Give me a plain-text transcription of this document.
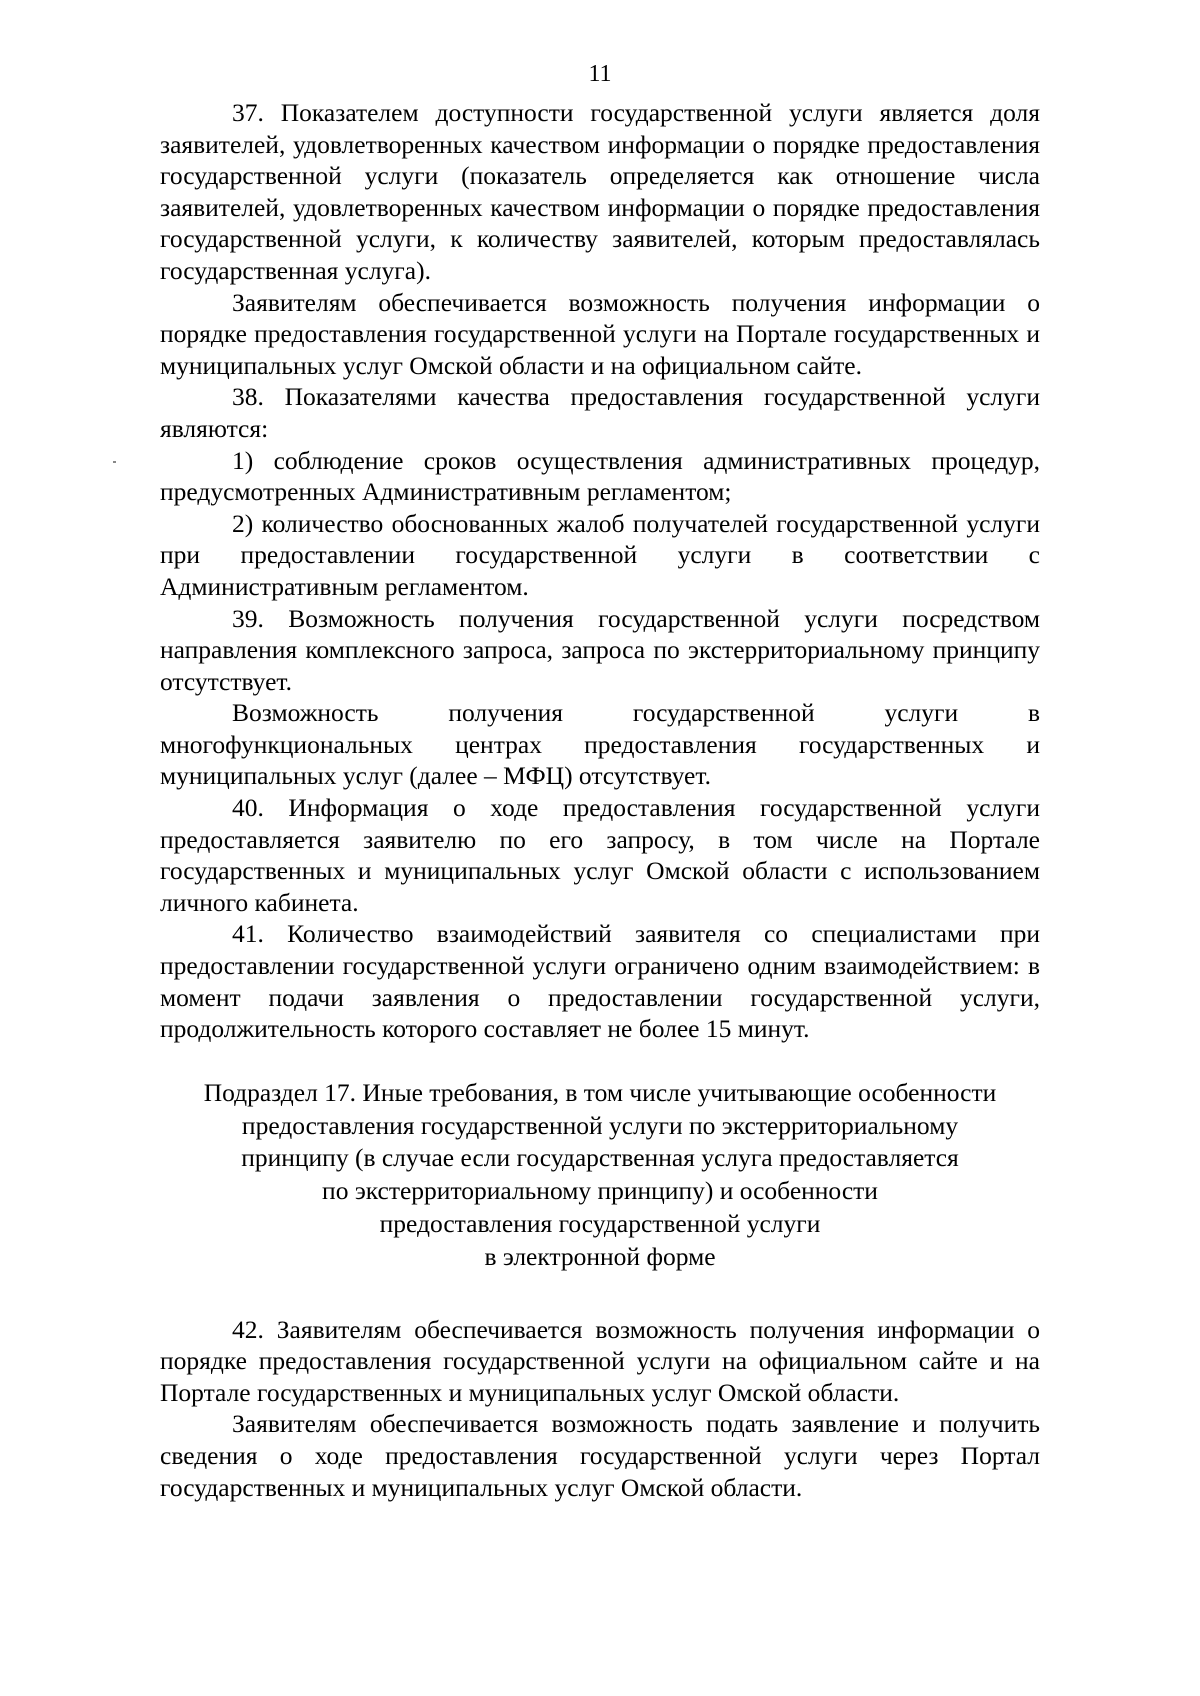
11

37. Показателем доступности государственной услуги является доля заявителей, удовлетворенных качеством информации о порядке предоставления государственной услуги (показатель определяется как отношение числа заявителей, удовлетворенных качеством информации о порядке предоставления государственной услуги, к количеству заявителей, которым предоставлялась государственная услуга).

Заявителям обеспечивается возможность получения информации о порядке предоставления государственной услуги на Портале государственных и муниципальных услуг Омской области и на официальном сайте.

38. Показателями качества предоставления государственной услуги являются:

1) соблюдение сроков осуществления административных процедур, предусмотренных Административным регламентом;

2) количество обоснованных жалоб получателей государственной услуги при предоставлении государственной услуги в соответствии с Административным регламентом.

39. Возможность получения государственной услуги посредством направления комплексного запроса, запроса по экстерриториальному принципу отсутствует.

Возможность получения государственной услуги в многофункциональных центрах предоставления государственных и муниципальных услуг (далее – МФЦ) отсутствует.

40. Информация о ходе предоставления государственной услуги предоставляется заявителю по его запросу, в том числе на Портале государственных и муниципальных услуг Омской области с использованием личного кабинета.

41. Количество взаимодействий заявителя со специалистами при предоставлении государственной услуги ограничено одним взаимодействием: в момент подачи заявления о предоставлении государственной услуги, продолжительность которого составляет не более 15 минут.

Подраздел 17. Иные требования, в том числе учитывающие особенности
предоставления государственной услуги по экстерриториальному
принципу (в случае если государственная услуга предоставляется
по экстерриториальному принципу) и особенности
предоставления государственной услуги
в электронной форме

42. Заявителям обеспечивается возможность получения информации о порядке предоставления государственной услуги на официальном сайте и на Портале государственных и муниципальных услуг Омской области.

Заявителям обеспечивается возможность подать заявление и получить сведения о ходе предоставления государственной услуги через Портал государственных и муниципальных услуг Омской области.
